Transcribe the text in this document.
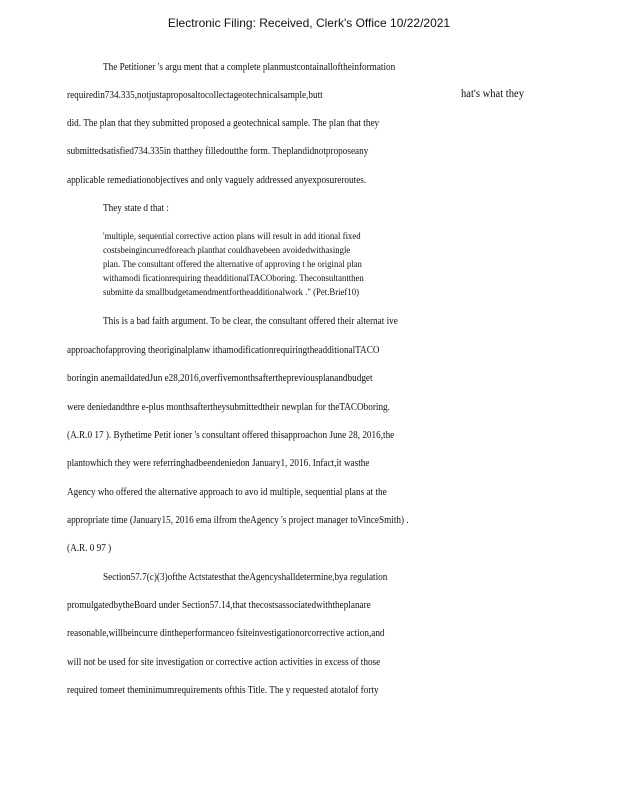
Electronic Filing: Received, Clerk's Office 10/22/2021
The Petitioner 's argu ment that a complete planmustcontainalloftheinformation
requiredin734.335,notjustaproposaltocollectageotechnicalsample,butt	hat's what they
did. The plan that they submitted proposed a geotechnical sample. The plan that they
submittedsatisfied734.335in thatthey filledoutthe form. Theplandidnotproposeany
applicable remediationobjectives and only vaguely addressed anyexposureroutes.
They state d that :
'multiple, sequential corrective action plans will result in add itional fixed
costsbeingincurredforeach planthat couldhavebeen avoidedwithasingle
plan. The consultant offered the alternative of approving t he original plan
withamodi ficationrequiring theadditionalTACOboring. Theconsultantthen
submitte da smallbudgetamendmentfortheadditionalwork ." (Pet.Brief10)
This is a bad faith argument. To be clear, the consultant offered their alternat ive
approachofapproving theoriginalplanw ithamodificationrequiringtheadditionalTACO
boringin anemaildatedJun e28,2016,overfivemonthsafterthepreviousplanandbudget
were deniedandthre e-plus monthsaftertheysubmittedtheir newplan for theTACOboring.
(A.R.0 17 ). Bythetime Petit ioner 's consultant offered thisapproachon June 28, 2016,the
plantowhich they were referringhadbeendeniedon January1, 2016. Infact,it wasthe
Agency who offered the alternative approach to avo id multiple, sequential plans at the
appropriate time (January15, 2016 ema ilfrom theAgency 's project manager toVinceSmith) .
(A.R. 0 97 )
Section57.7(c)(3)ofthe Actstatesthat theAgencyshalldetermine,bya regulation
promulgatedbytheBoard under Section57.14,that thecostsassociatedwiththeplanare
reasonable,willbeincurre dintheperformanceo fsiteinvestigationorcorrective action,and
will not be used for site investigation or corrective action activities in excess of those
required tomeet theminimumrequirements ofthis Title. The y requested atotalof forty
